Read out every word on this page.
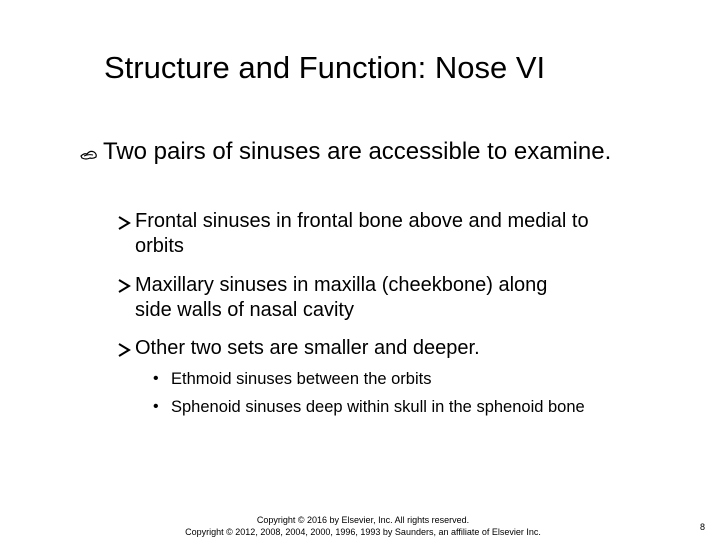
Structure and Function: Nose VI
Two pairs of sinuses are accessible to examine.
Frontal sinuses in frontal bone above and medial to
orbits
Maxillary sinuses in maxilla (cheekbone) along
side walls of nasal cavity
Other two sets are smaller and deeper.
• Ethmoid sinuses between the orbits
• Sphenoid sinuses deep within skull in the sphenoid bone
Copyright © 2016 by Elsevier, Inc. All rights reserved.
Copyright © 2012, 2008, 2004, 2000, 1996, 1993 by Saunders, an affiliate of Elsevier Inc.	8
